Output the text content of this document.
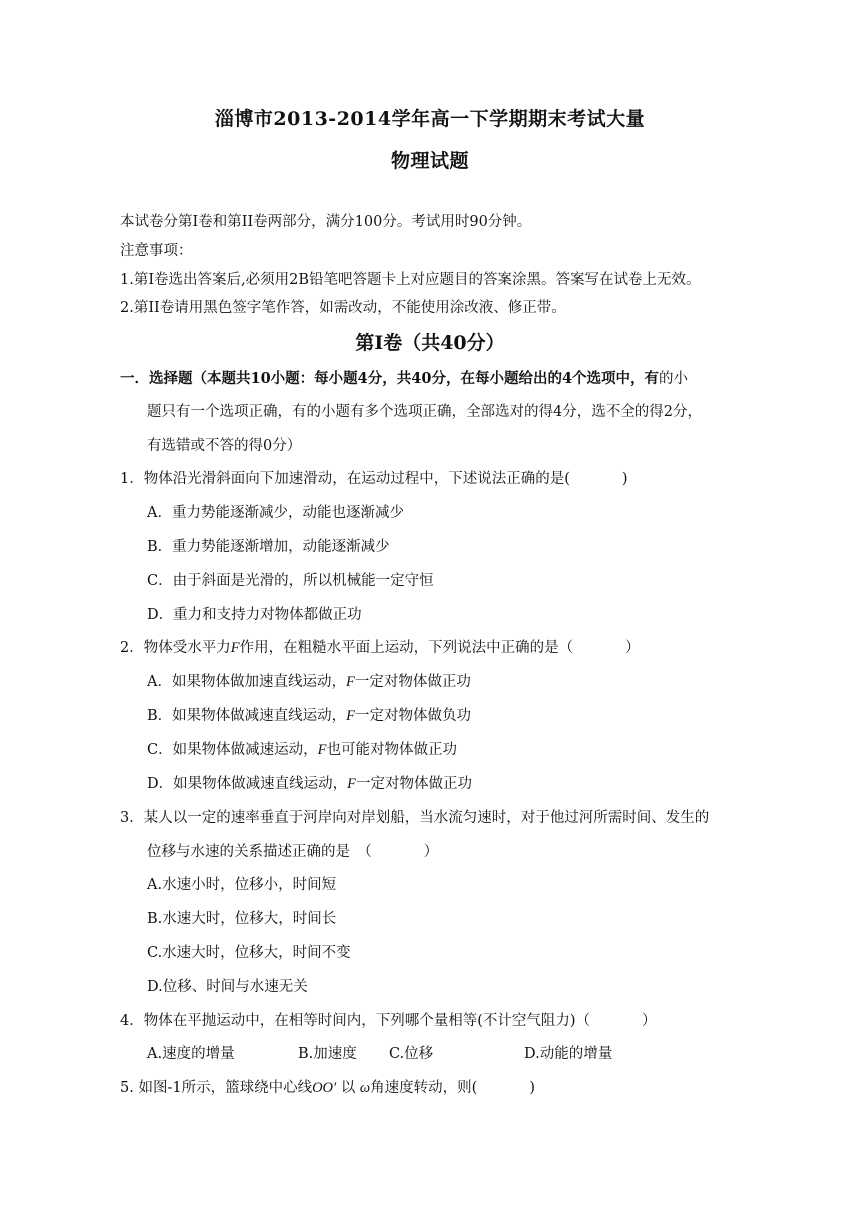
淄博市2013-2014学年高一下学期期末考试大量
物理试题
本试卷分第I卷和第II卷两部分，满分100分。考试用时90分钟。
注意事项：
1.第I卷选出答案后,必须用2B铅笔吧答题卡上对应题目的答案涂黑。答案写在试卷上无效。
2.第II卷请用黑色签字笔作答，如需改动，不能使用涂改液、修正带。
第I卷（共40分）
一．选择题（本题共10小题：每小题4分，共40分，在每小题给出的4个选项中，有的小
题只有一个选项正确，有的小题有多个选项正确，全部选对的得4分，选不全的得2分，
有选错或不答的得0分）
1．物体沿光滑斜面向下加速滑动，在运动过程中，下述说法正确的是(	)
A．重力势能逐渐减少，动能也逐渐减少
B．重力势能逐渐增加，动能逐渐减少
C．由于斜面是光滑的，所以机械能一定守恒
D．重力和支持力对物体都做正功
2．物体受水平力F作用，在粗糙水平面上运动，下列说法中正确的是（	）
A．如果物体做加速直线运动，F一定对物体做正功
B．如果物体做减速直线运动，F一定对物体做负功
C．如果物体做减速运动，F也可能对物体做正功
D．如果物体做减速直线运动，F一定对物体做正功
3．某人以一定的速率垂直于河岸向对岸划船，当水流匀速时，对于他过河所需时间、发生的
位移与水速的关系描述正确的是　（	）
A.水速小时，位移小，时间短
B.水速大时，位移大，时间长
C.水速大时，位移大，时间不变
D.位移、时间与水速无关
4．物体在平抛运动中，在相等时间内，下列哪个量相等(不计空气阻力)（	）
A.速度的增量	B.加速度 C.位移	D.动能的增量
5. 如图-1所示，篮球绕中心线OO′ 以 ω角速度转动，则(	)
